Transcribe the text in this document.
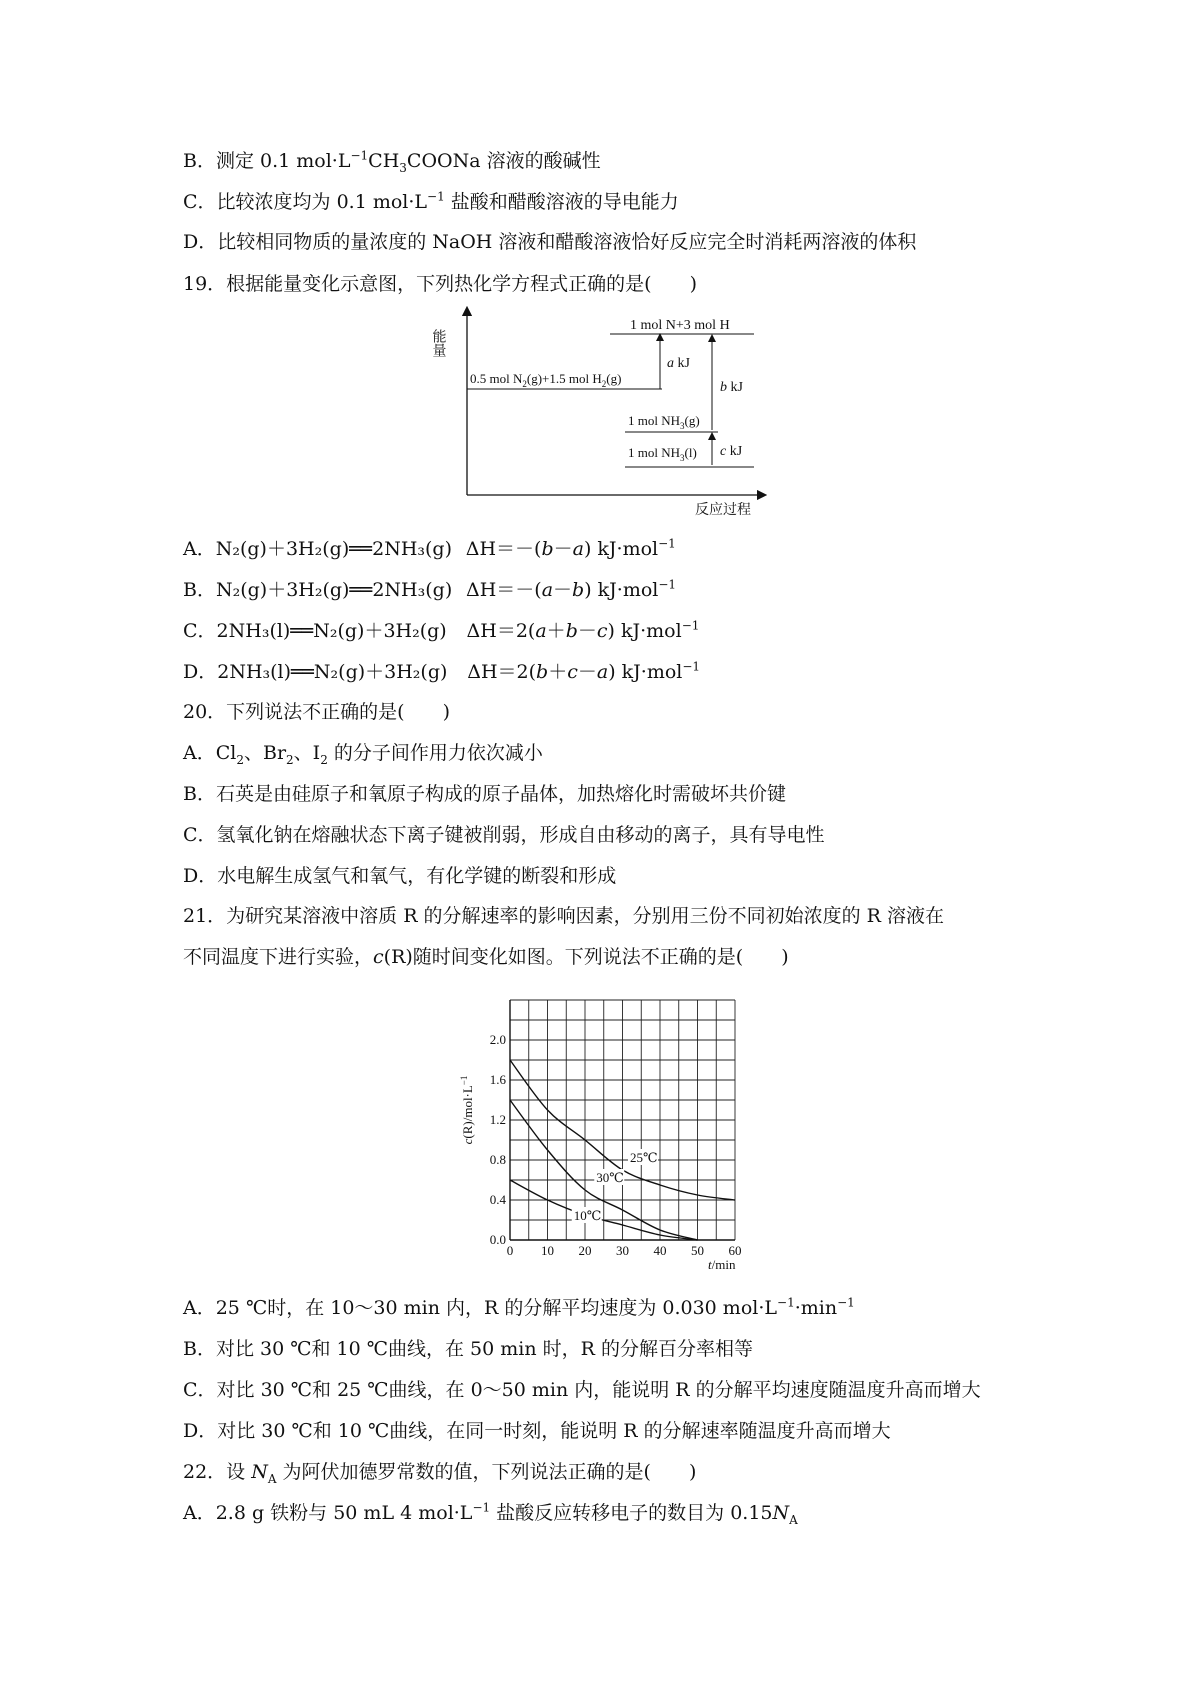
B．测定 0.1 $mol\cdot L^{-1}CH_3COONa$ 溶液的酸碱性
C．比较浓度均为 0.1 $mol\cdot L^{-1}$ 盐酸和醋酸溶液的导电能力
D．比较相同物质的量浓度的 NaOH 溶液和醋酸溶液恰好反应完全时消耗两溶液的体积
19．根据能量变化示意图，下列热化学方程式正确的是(　　)
能量
反应过程
1 mol N+3 mol H
0.5 mol $N_2(g)+1.5$ mol $H_2(g)$
1 mol $NH_3(g)$
1 mol $NH_3(l)$
a kJ
b kJ
c kJ
A．N₂(g)＋3H₂(g)══2NH₃(g) ΔH＝－(b－a) kJ·mol$^{-1}$
B．N₂(g)＋3H₂(g)══2NH₃(g) ΔH＝－(a－b) kJ·mol$^{-1}$
C．2NH₃(l)══N₂(g)＋3H₂(g) ΔH＝2(a＋b－c) kJ·mol$^{-1}$
D．2NH₃(l)══N₂(g)＋3H₂(g) ΔH＝2(b＋c－a) kJ·mol$^{-1}$
20．下列说法不正确的是(　　)
A．$Cl_2$、$Br_2$、$I_2$ 的分子间作用力依次减小
B．石英是由硅原子和氧原子构成的原子晶体，加热熔化时需破坏共价键
C．氢氧化钠在熔融状态下离子键被削弱，形成自由移动的离子，具有导电性
D．水电解生成氢气和氧气，有化学键的断裂和形成
21．为研究某溶液中溶质 R 的分解速率的影响因素，分别用三份不同初始浓度的 R 溶液在
不同温度下进行实验，c(R)随时间变化如图。下列说法不正确的是(　　)
$c(R)/mol\cdot L^{-1}$
t/min
0 10 20 30 40 50 60
0.0
0.4
0.8
1.2
1.6
2.0
25℃
30℃
10℃
A．25 ℃时，在 10～30 min 内，R 的分解平均速度为 0.030 $mol\cdot L^{-1}\cdot\min^{-1}$
B．对比 30 ℃和 10 ℃曲线，在 50 min 时，R 的分解百分率相等
C．对比 30 ℃和 25 ℃曲线，在 0～50 min 内，能说明 R 的分解平均速度随温度升高而增大
D．对比 30 ℃和 10 ℃曲线，在同一时刻，能说明 R 的分解速率随温度升高而增大
22．设 $N_A$ 为阿伏加德罗常数的值，下列说法正确的是(　　)
A．2.8 g 铁粉与 50 mL 4 $mol\cdot L^{-1}$ 盐酸反应转移电子的数目为 $0.15N_A$
